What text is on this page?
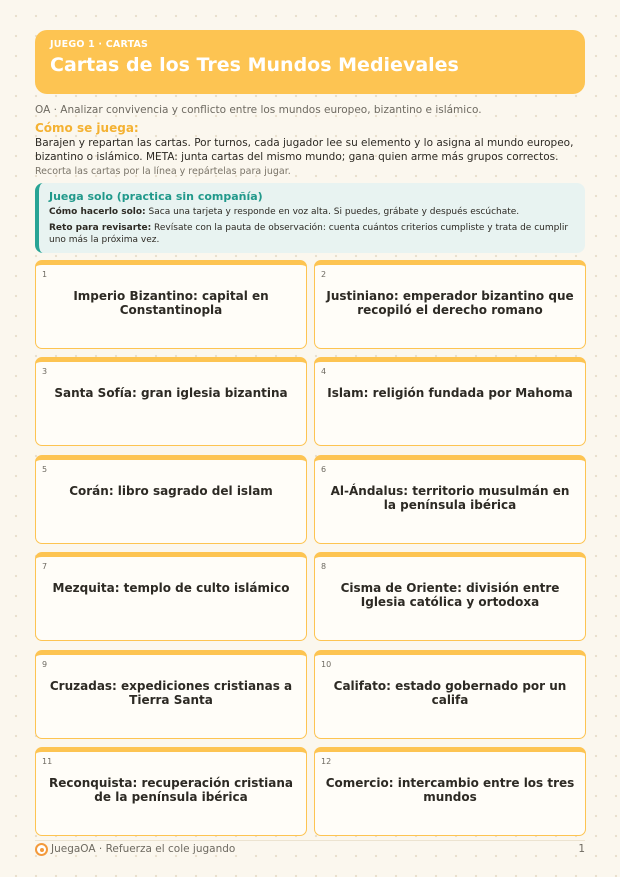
JUEGO 1 · CARTAS
Cartas de los Tres Mundos Medievales
OA · Analizar convivencia y conflicto entre los mundos europeo, bizantino e islámico.
Cómo se juega:
Barajen y repartan las cartas. Por turnos, cada jugador lee su elemento y lo asigna al mundo europeo, bizantino o islámico. META: junta cartas del mismo mundo; gana quien arme más grupos correctos.
Recorta las cartas por la línea y repártelas para jugar.
Juega solo (practica sin compañía)
Cómo hacerlo solo: Saca una tarjeta y responde en voz alta. Si puedes, grábate y después escúchate.
Reto para revisarte: Revísate con la pauta de observación: cuenta cuántos criterios cumpliste y trata de cumplir uno más la próxima vez.
1
Imperio Bizantino: capital en Constantinopla
2
Justiniano: emperador bizantino que recopiló el derecho romano
3
Santa Sofía: gran iglesia bizantina
4
Islam: religión fundada por Mahoma
5
Corán: libro sagrado del islam
6
Al-Ándalus: territorio musulmán en la península ibérica
7
Mezquita: templo de culto islámico
8
Cisma de Oriente: división entre Iglesia católica y ortodoxa
9
Cruzadas: expediciones cristianas a Tierra Santa
10
Califato: estado gobernado por un califa
11
Reconquista: recuperación cristiana de la península ibérica
12
Comercio: intercambio entre los tres mundos
JuegaOA · Refuerza el cole jugando	1
